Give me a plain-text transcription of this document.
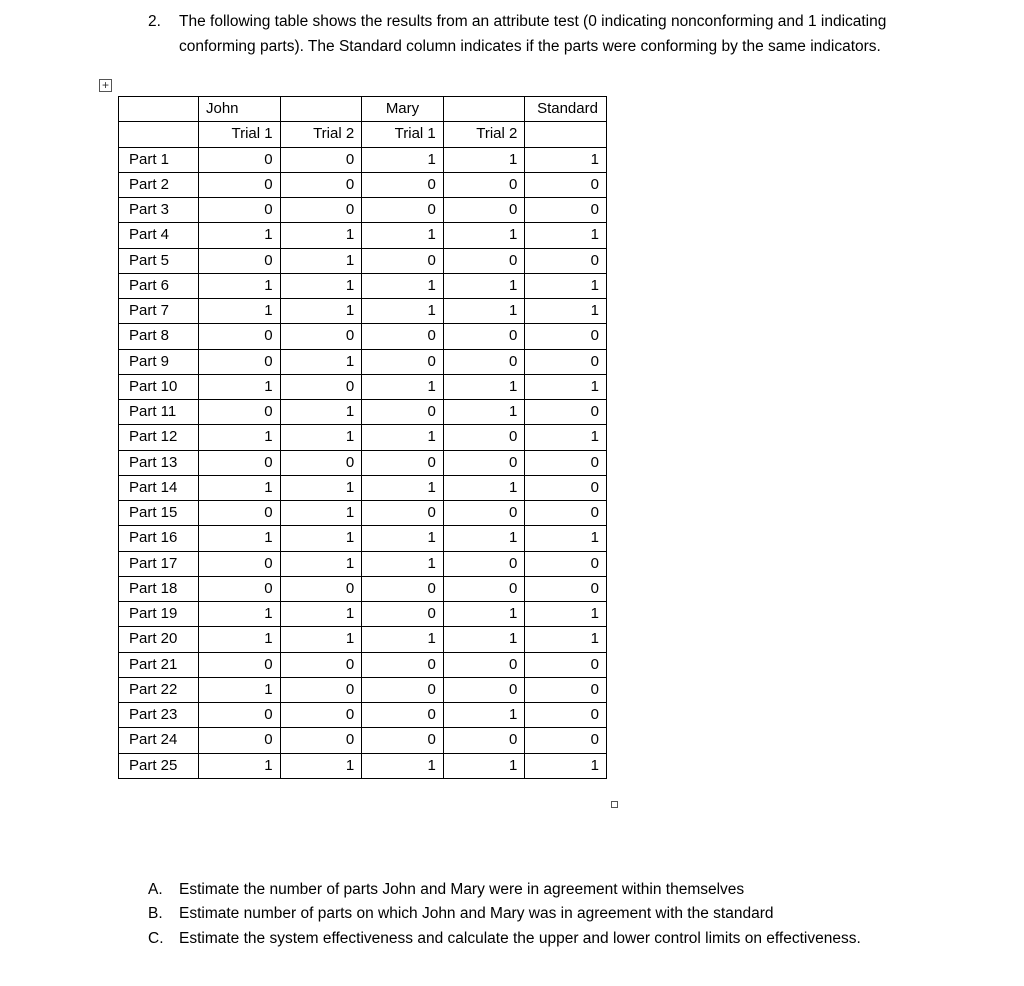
2. The following table shows the results from an attribute test (0 indicating nonconforming and 1 indicating conforming parts). The Standard column indicates if the parts were conforming by the same indicators.
+
	John		Mary		Standard
	Trial 1	Trial 2	Trial 1	Trial 2	
Part 1	0	0	1	1	1
Part 2	0	0	0	0	0
Part 3	0	0	0	0	0
Part 4	1	1	1	1	1
Part 5	0	1	0	0	0
Part 6	1	1	1	1	1
Part 7	1	1	1	1	1
Part 8	0	0	0	0	0
Part 9	0	1	0	0	0
Part 10	1	0	1	1	1
Part 11	0	1	0	1	0
Part 12	1	1	1	0	1
Part 13	0	0	0	0	0
Part 14	1	1	1	1	0
Part 15	0	1	0	0	0
Part 16	1	1	1	1	1
Part 17	0	1	1	0	0
Part 18	0	0	0	0	0
Part 19	1	1	0	1	1
Part 20	1	1	1	1	1
Part 21	0	0	0	0	0
Part 22	1	0	0	0	0
Part 23	0	0	0	1	0
Part 24	0	0	0	0	0
Part 25	1	1	1	1	1
A. Estimate the number of parts John and Mary were in agreement within themselves
B. Estimate number of parts on which John and Mary was in agreement with the standard
C. Estimate the system effectiveness and calculate the upper and lower control limits on effectiveness.
